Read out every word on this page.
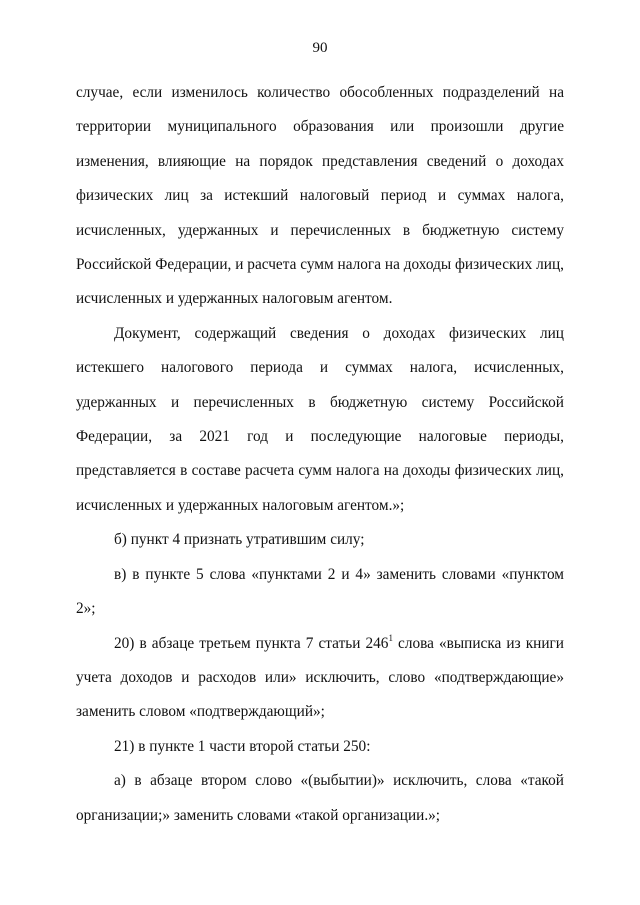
90

случае, если изменилось количество обособленных подразделений на территории муниципального образования или произошли другие изменения, влияющие на порядок представления сведений о доходах физических лиц за истекший налоговый период и суммах налога, исчисленных, удержанных и перечисленных в бюджетную систему Российской Федерации, и расчета сумм налога на доходы физических лиц, исчисленных и удержанных налоговым агентом.

Документ, содержащий сведения о доходах физических лиц истекшего налогового периода и суммах налога, исчисленных, удержанных и перечисленных в бюджетную систему Российской Федерации, за 2021 год и последующие налоговые периоды, представляется в составе расчета сумм налога на доходы физических лиц, исчисленных и удержанных налоговым агентом.»;

б) пункт 4 признать утратившим силу;

в) в пункте 5 слова «пунктами 2 и 4» заменить словами «пунктом 2»;

20) в абзаце третьем пункта 7 статьи $246^1$ слова «выписка из книги учета доходов и расходов или» исключить, слово «подтверждающие» заменить словом «подтверждающий»;

21) в пункте 1 части второй статьи 250:

а) в абзаце втором слово «(выбытии)» исключить, слова «такой организации;» заменить словами «такой организации.»;
